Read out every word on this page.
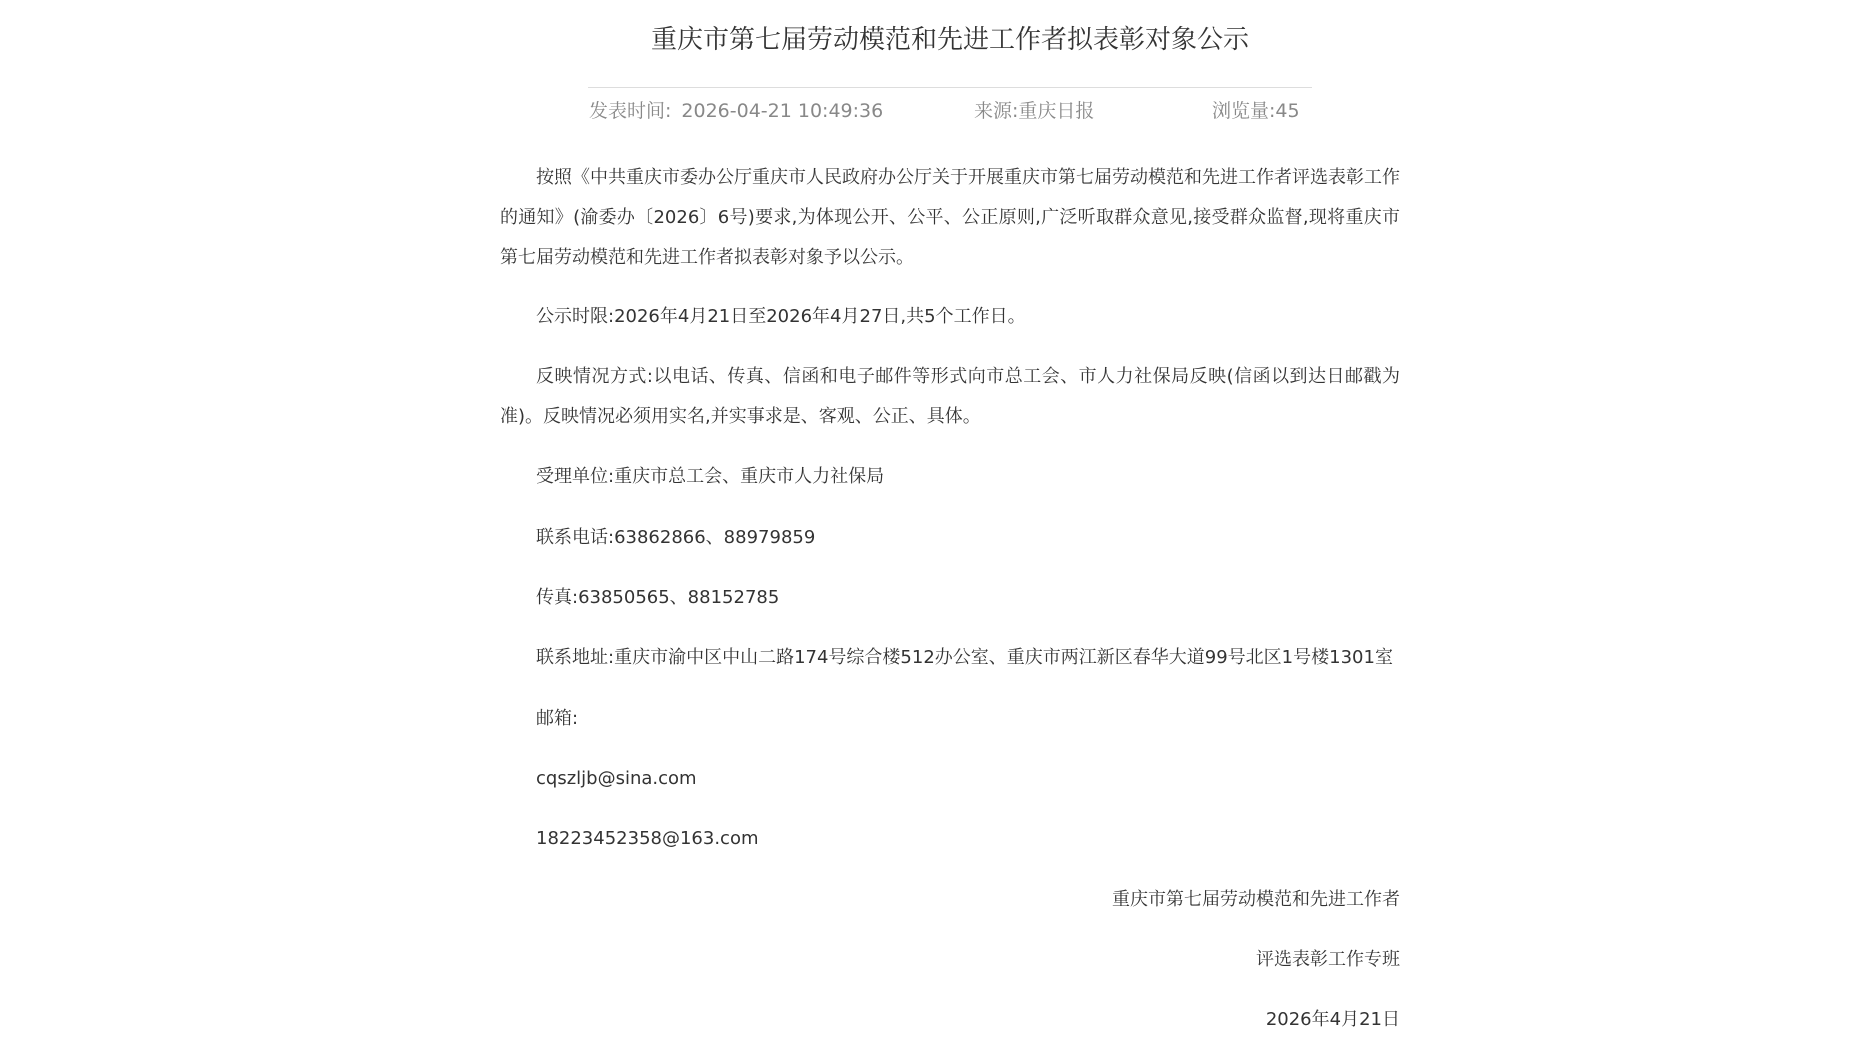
重庆市第七届劳动模范和先进工作者拟表彰对象公示
发表时间: 2026-04-21 10:49:36	来源:重庆日报	浏览量:45

按照《中共重庆市委办公厅重庆市人民政府办公厅关于开展重庆市第七届劳动模范和先进工作者评选表彰工作的通知》(渝委办〔2026〕6号)要求,为体现公开、公平、公正原则,广泛听取群众意见,接受群众监督,现将重庆市第七届劳动模范和先进工作者拟表彰对象予以公示。

公示时限:2026年4月21日至2026年4月27日,共5个工作日。

反映情况方式:以电话、传真、信函和电子邮件等形式向市总工会、市人力社保局反映(信函以到达日邮戳为准)。反映情况必须用实名,并实事求是、客观、公正、具体。

受理单位:重庆市总工会、重庆市人力社保局

联系电话:63862866、88979859

传真:63850565、88152785

联系地址:重庆市渝中区中山二路174号综合楼512办公室、重庆市两江新区春华大道99号北区1号楼1301室

邮箱:

cqszljb@sina.com

18223452358@163.com

重庆市第七届劳动模范和先进工作者

评选表彰工作专班

2026年4月21日
